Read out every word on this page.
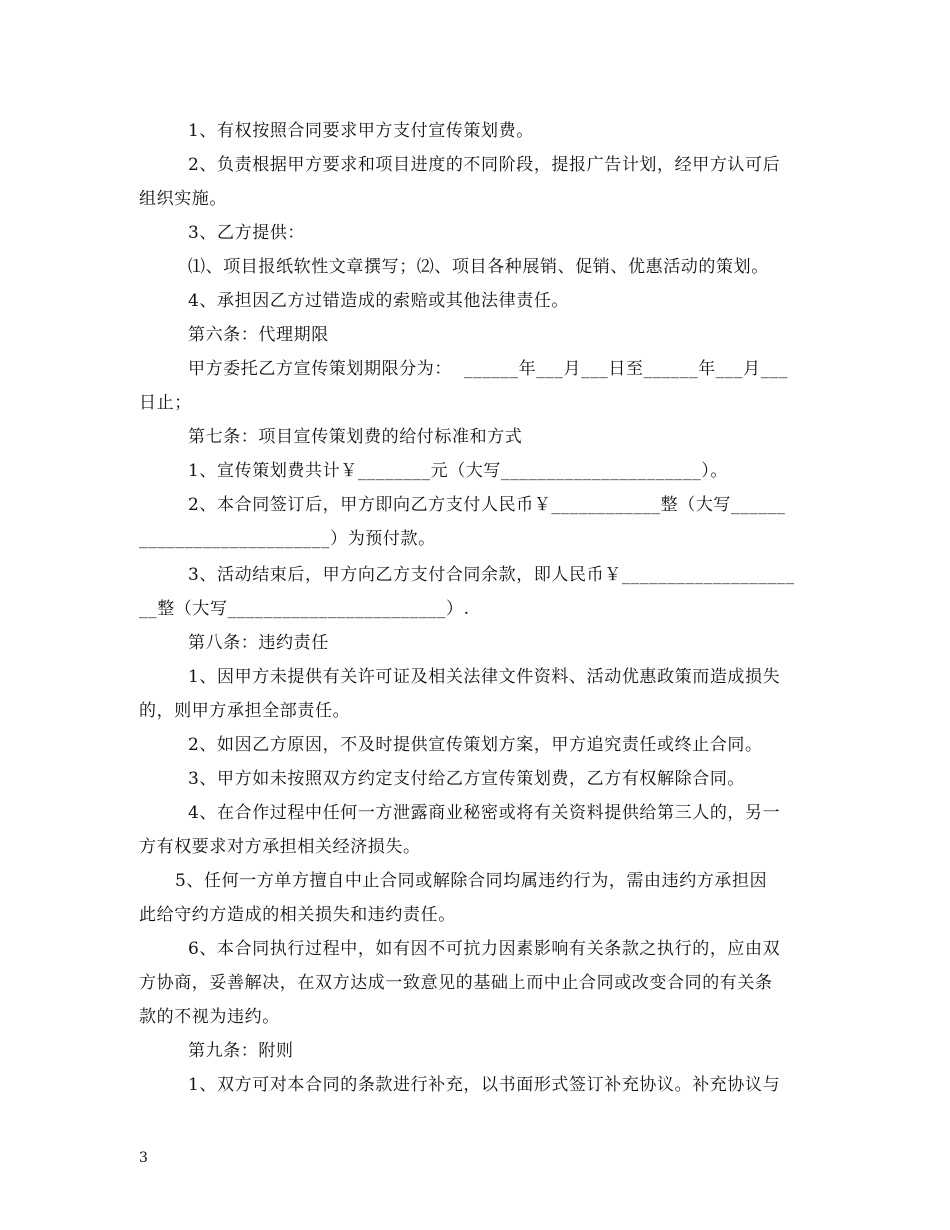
1、有权按照合同要求甲方支付宣传策划费。
2、负责根据甲方要求和项目进度的不同阶段，提报广告计划，经甲方认可后
组织实施。
3、乙方提供：
⑴、项目报纸软性文章撰写；⑵、项目各种展销、促销、优惠活动的策划。
4、承担因乙方过错造成的索赔或其他法律责任。
第六条：代理期限
甲方委托乙方宣传策划期限分为：  ______年___月___日至______年___月___
日止；
第七条：项目宣传策划费的给付标准和方式
1、宣传策划费共计￥________元（大写______________________）。
2、本合同签订后，甲方即向乙方支付人民币￥____________整（大写______
_____________________）为预付款。
3、活动结束后，甲方向乙方支付合同余款，即人民币￥___________________
__整（大写________________________）.
第八条：违约责任
1、因甲方未提供有关许可证及相关法律文件资料、活动优惠政策而造成损失
的，则甲方承担全部责任。
2、如因乙方原因，不及时提供宣传策划方案，甲方追究责任或终止合同。
3、甲方如未按照双方约定支付给乙方宣传策划费，乙方有权解除合同。
4、在合作过程中任何一方泄露商业秘密或将有关资料提供给第三人的，另一
方有权要求对方承担相关经济损失。
5、任何一方单方擅自中止合同或解除合同均属违约行为，需由违约方承担因
此给守约方造成的相关损失和违约责任。
6、本合同执行过程中，如有因不可抗力因素影响有关条款之执行的，应由双
方协商，妥善解决，在双方达成一致意见的基础上而中止合同或改变合同的有关条
款的不视为违约。
第九条：附则
1、双方可对本合同的条款进行补充，以书面形式签订补充协议。补充协议与
3
